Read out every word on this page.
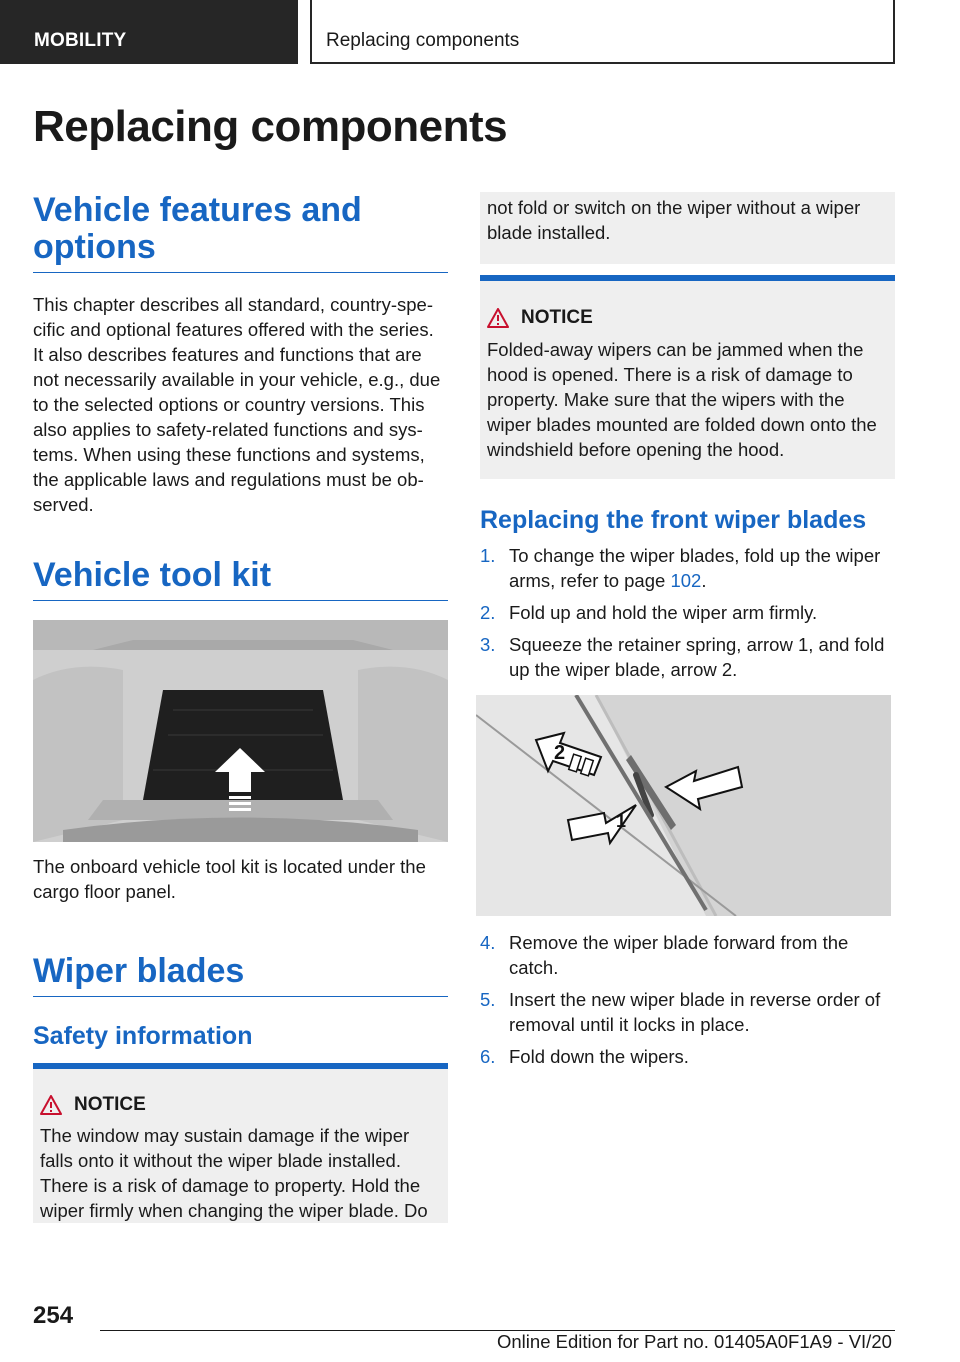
MOBILITY	Replacing components
Replacing components
Vehicle features and options

This chapter describes all standard, country-spe-cific and optional features offered with the series. It also describes features and functions that are not necessarily available in your vehicle, e.g., due to the selected options or country versions. This also applies to safety-related functions and sys-tems. When using these functions and systems, the applicable laws and regulations must be ob-served.

Vehicle tool kit

The onboard vehicle tool kit is located under the cargo floor panel.

Wiper blades
Safety information
NOTICE

The window may sustain damage if the wiper falls onto it without the wiper blade installed. There is a risk of damage to property. Hold the wiper firmly when changing the wiper blade. Do

not fold or switch on the wiper without a wiper blade installed.
NOTICE

Folded-away wipers can be jammed when the hood is opened. There is a risk of damage to property. Make sure that the wipers with the wiper blades mounted are folded down onto the windshield before opening the hood.

Replacing the front wiper blades
1. To change the wiper blades, fold up the wiper arms, refer to page 102.
2. Fold up and hold the wiper arm firmly.
3. Squeeze the retainer spring, arrow 1, and fold up the wiper blade, arrow 2.
2
1
4. Remove the wiper blade forward from the catch.
5. Insert the new wiper blade in reverse order of removal until it locks in place.
6. Fold down the wipers.
254
Online Edition for Part no. 01405A0F1A9 - VI/20
